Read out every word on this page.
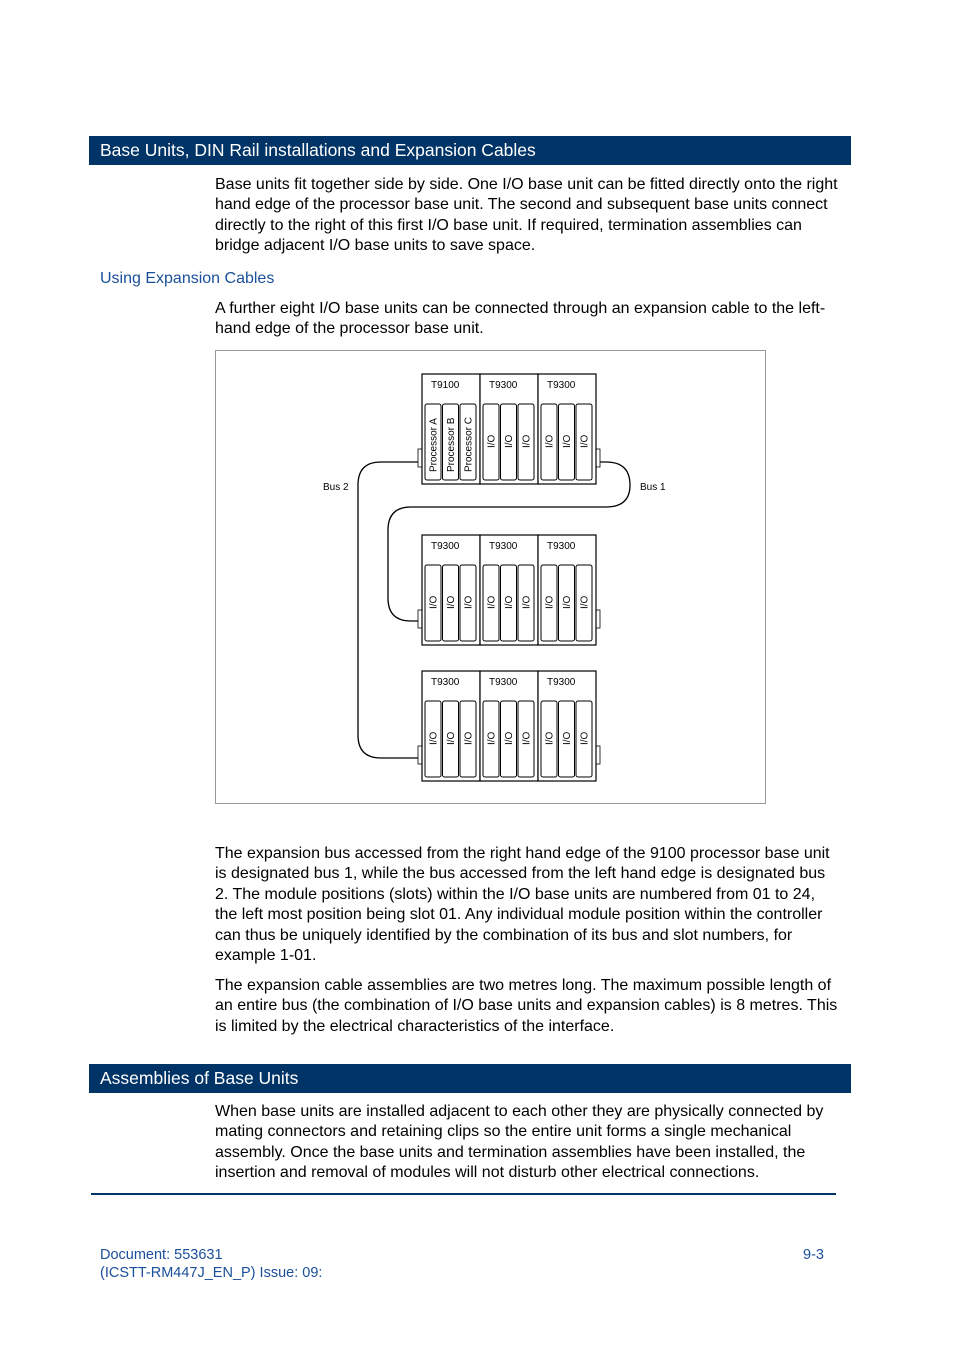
Base Units, DIN Rail installations and Expansion Cables
Base units fit together side by side. One I/O base unit can be fitted directly onto the right hand edge of the processor base unit. The second and subsequent base units connect directly to the right of this first I/O base unit. If required, termination assemblies can bridge adjacent I/O base units to save space.
Using Expansion Cables
A further eight I/O base units can be connected through an expansion cable to the left-hand edge of the processor base unit.
Bus 1
Bus 2
T9100
Processor A Processor B Processor C
T9300
I/O I/O I/O
T9300
I/O I/O I/O
T9300
I/O I/O I/O
T9300
I/O I/O I/O
T9300
I/O I/O I/O
T9300
I/O I/O I/O
T9300
I/O I/O I/O
T9300
I/O I/O I/O
The expansion bus accessed from the right hand edge of the 9100 processor base unit is designated bus 1, while the bus accessed from the left hand edge is designated bus 2. The module positions (slots) within the I/O base units are numbered from 01 to 24, the left most position being slot 01. Any individual module position within the controller can thus be uniquely identified by the combination of its bus and slot numbers, for example 1-01.
The expansion cable assemblies are two metres long. The maximum possible length of an entire bus (the combination of I/O base units and expansion cables) is 8 metres. This is limited by the electrical characteristics of the interface.
Assemblies of Base Units
When base units are installed adjacent to each other they are physically connected by mating connectors and retaining clips so the entire unit forms a single mechanical assembly. Once the base units and termination assemblies have been installed, the insertion and removal of modules will not disturb other electrical connections.
Document: 553631
(ICSTT-RM447J_EN_P) Issue: 09:
9-3
